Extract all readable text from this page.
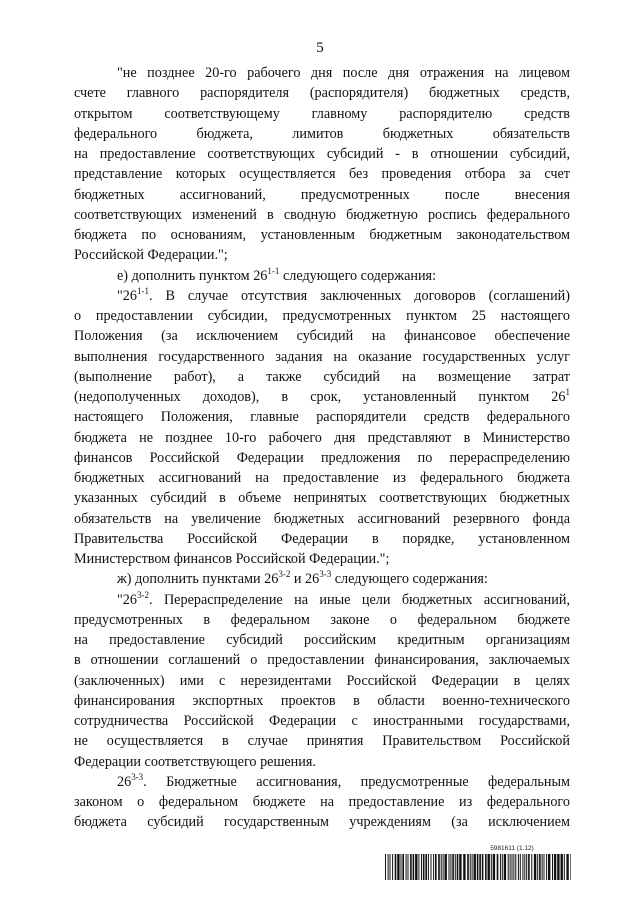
5
"не позднее 20-го рабочего дня после дня отражения на лицевом
счете главного распорядителя (распорядителя) бюджетных средств,
открытом соответствующему главному распорядителю средств
федерального бюджета, лимитов бюджетных обязательств
на предоставление соответствующих субсидий - в отношении субсидий,
представление которых осуществляется без проведения отбора за счет
бюджетных ассигнований, предусмотренных после внесения
соответствующих изменений в сводную бюджетную роспись федерального
бюджета по основаниям, установленным бюджетным законодательством
Российской Федерации.";
е) дополнить пунктом 26$^{1-1}$ следующего содержания:
"26$^{1-1}$. В случае отсутствия заключенных договоров (соглашений)
о предоставлении субсидии, предусмотренных пунктом 25 настоящего
Положения (за исключением субсидий на финансовое обеспечение
выполнения государственного задания на оказание государственных услуг
(выполнение работ), а также субсидий на возмещение затрат
(недополученных доходов), в срок, установленный пунктом $26^1$
настоящего Положения, главные распорядители средств федерального
бюджета не позднее 10-го рабочего дня представляют в Министерство
финансов Российской Федерации предложения по перераспределению
бюджетных ассигнований на предоставление из федерального бюджета
указанных субсидий в объеме непринятых соответствующих бюджетных
обязательств на увеличение бюджетных ассигнований резервного фонда
Правительства Российской Федерации в порядке, установленном
Министерством финансов Российской Федерации.";
ж) дополнить пунктами 26$^{3-2}$ и 26$^{3-3}$ следующего содержания:
"26$^{3-2}$. Перераспределение на иные цели бюджетных ассигнований,
предусмотренных в федеральном законе о федеральном бюджете
на предоставление субсидий российским кредитным организациям
в отношении соглашений о предоставлении финансирования, заключаемых
(заключенных) ими с нерезидентами Российской Федерации в целях
финансирования экспортных проектов в области военно-технического
сотрудничества Российской Федерации с иностранными государствами,
не осуществляется в случае принятия Правительством Российской
Федерации соответствующего решения.
26$^{3-3}$. Бюджетные ассигнования, предусмотренные федеральным
законом о федеральном бюджете на предоставление из федерального
бюджета субсидий государственным учреждениям (за исключением
5981611 (1.12)
